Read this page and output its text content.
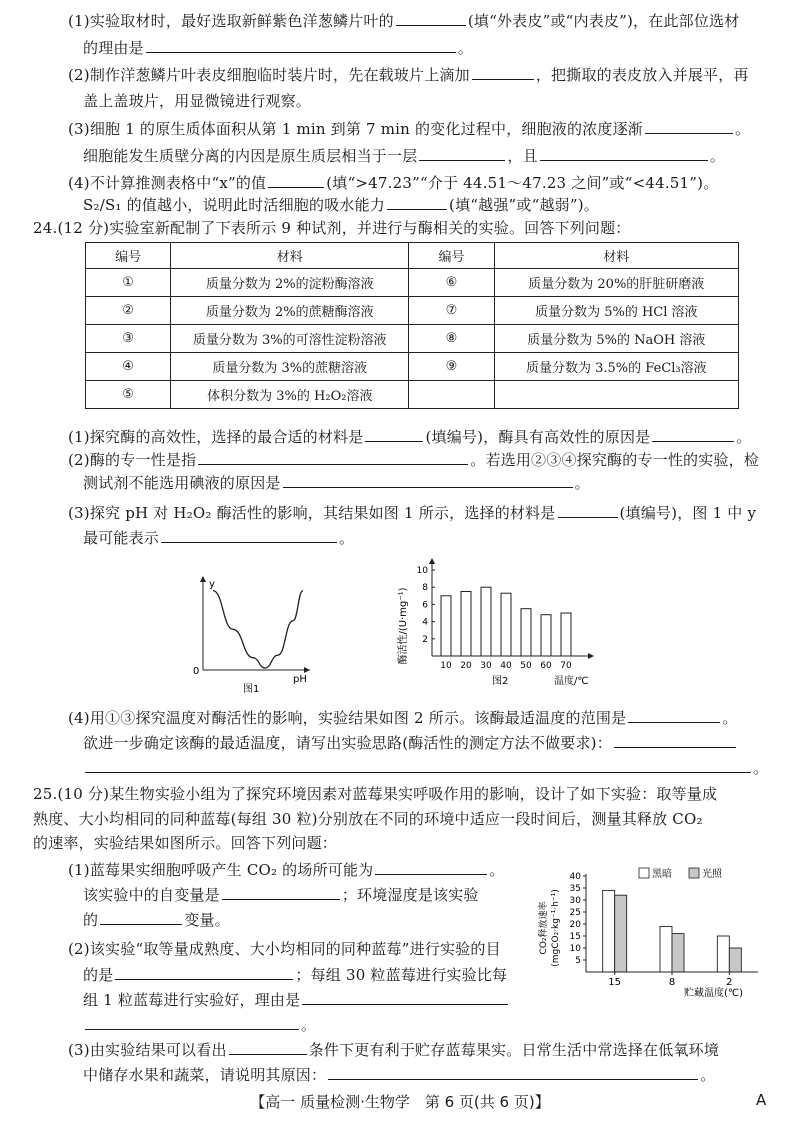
(1)实验取材时，最好选取新鲜紫色洋葱鳞片叶的	(填“外表皮”或“内表皮”)，在此部位选材
的理由是	。
(2)制作洋葱鳞片叶表皮细胞临时装片时，先在载玻片上滴加	，把撕取的表皮放入并展平，再
盖上盖玻片，用显微镜进行观察。
(3)细胞 1 的原生质体面积从第 1 min 到第 7 min 的变化过程中，细胞液的浓度逐渐	。
细胞能发生质壁分离的内因是原生质层相当于一层	，且	。
(4)不计算推测表格中“x”的值	(填“>47.23”“介于 44.51～47.23 之间”或“<44.51”)。
S₂/S₁ 的值越小，说明此时活细胞的吸水能力	(填“越强”或“越弱”)。
24.(12 分)实验室新配制了下表所示 9 种试剂，并进行与酶相关的实验。回答下列问题：
编号	材料	编号	材料
①	质量分数为 2%的淀粉酶溶液	⑥	质量分数为 20%的肝脏研磨液
②	质量分数为 2%的蔗糖酶溶液	⑦	质量分数为 5%的 HCl 溶液
③	质量分数为 3%的可溶性淀粉溶液	⑧	质量分数为 5%的 NaOH 溶液
④	质量分数为 3%的蔗糖溶液	⑨	质量分数为 3.5%的 FeCl₃溶液
⑤	体积分数为 3%的 H₂O₂溶液		
(1)探究酶的高效性，选择的最合适的材料是	(填编号)，酶具有高效性的原因是	。
(2)酶的专一性是指	。若选用②③④探究酶的专一性的实验，检
测试剂不能选用碘液的原因是	。
(3)探究 pH 对 H₂O₂ 酶活性的影响，其结果如图 1 所示，选择的材料是	(填编号)，图 1 中 y
最可能表示	。
y
pH
0
图1
2
4
6
8
10
10 20 30 40 50 60 70
酶活性/(U·mg⁻¹)
温度/℃
图2
(4)用①③探究温度对酶活性的影响，实验结果如图 2 所示。该酶最适温度的范围是	。
欲进一步确定该酶的最适温度，请写出实验思路(酶活性的测定方法不做要求)：
。
25.(10 分)某生物实验小组为了探究环境因素对蓝莓果实呼吸作用的影响，设计了如下实验：取等量成
熟度、大小均相同的同种蓝莓(每组 30 粒)分别放在不同的环境中适应一段时间后，测量其释放 CO₂
的速率，实验结果如图所示。回答下列问题：
(1)蓝莓果实细胞呼吸产生 CO₂ 的场所可能为	。
该实验中的自变量是	；环境湿度是该实验
的	变量。
(2)该实验“取等量成熟度、大小均相同的同种蓝莓”进行实验的目
的是	；每组 30 粒蓝莓进行实验比每
组 1 粒蓝莓进行实验好，理由是
。
(3)由实验结果可以看出	条件下更有利于贮存蓝莓果实。日常生活中常选择在低氧环境
中储存水果和蔬菜，请说明其原因：	。
5
10
15
20
25
30
35
40
15	8	2
黑暗	光照
CO₂释放速率 (mgCO₂·kg⁻¹·h⁻¹)
贮藏温度(℃)
【高一 质量检测·生物学　第 6 页(共 6 页)】	A
